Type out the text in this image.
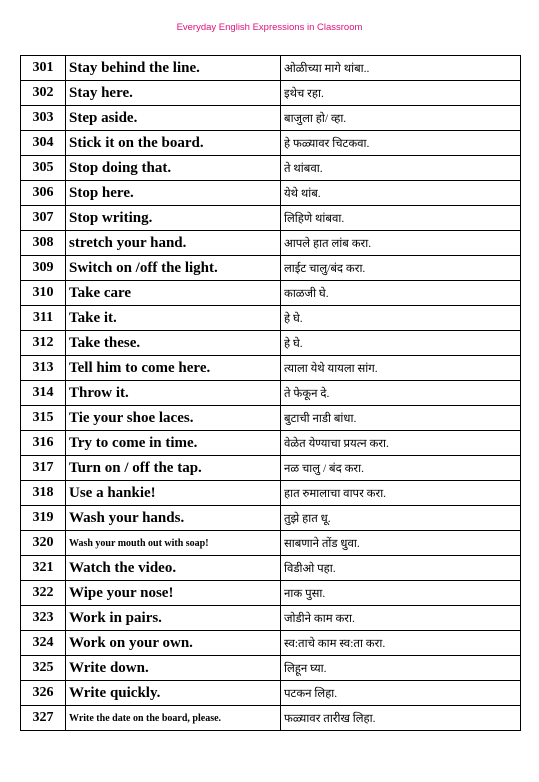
Everyday English Expressions in Classroom
301	Stay behind the line.	ओळीच्या मागे थांबा..
302	Stay here.	इथेच रहा.
303	Step aside.	बाजुला हो/ व्हा.
304	Stick it on the board.	हे फळ्यावर चिटकवा.
305	Stop doing that.	ते थांबवा.
306	Stop here.	येथे थांब.
307	Stop writing.	लिहिणे थांबवा.
308	stretch your hand.	आपले हात लांब करा.
309	Switch on /off the light.	लाईट चालु/बंद करा.
310	Take care	काळजी घे.
311	Take it.	हे घे.
312	Take these.	हे घे.
313	Tell him to come here.	त्याला येथे यायला सांग.
314	Throw it.	ते फेकून दे.
315	Tie your shoe laces.	बुटाची नाडी बांधा.
316	Try to come in time.	वेळेत येण्याचा प्रयत्न करा.
317	Turn on / off the tap.	नळ चालु / बंद करा.
318	Use a hankie!	हात रुमालाचा वापर करा.
319	Wash your hands.	तुझे हात धू.
320	Wash your mouth out with soap!	साबणाने तोंड धुवा.
321	Watch the video.	विडीओ पहा.
322	Wipe your nose!	नाक पुसा.
323	Work in pairs.	जोडीने काम करा.
324	Work on your own.	स्व:ताचे काम स्व:ता करा.
325	Write down.	लिहून घ्या.
326	Write quickly.	पटकन लिहा.
327	Write the date on the board, please.	फळ्यावर तारीख लिहा.
